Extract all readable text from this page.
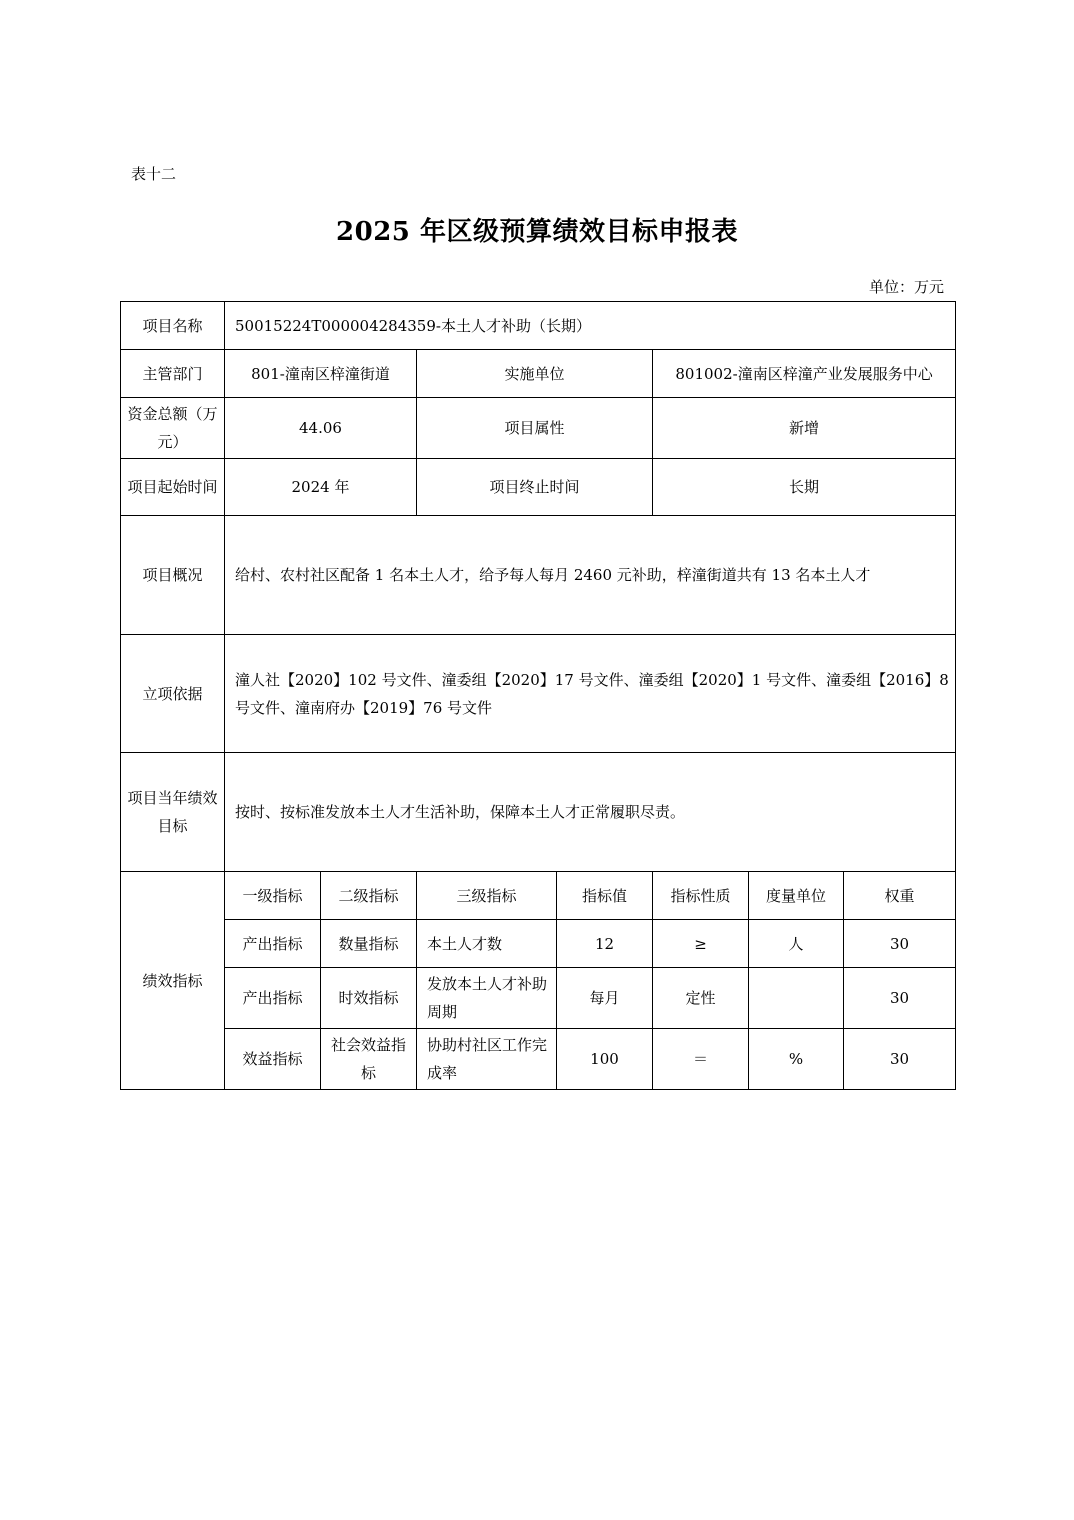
表十二
2025 年区级预算绩效目标申报表
单位：万元
项目名称	50015224T000004284359-本土人才补助（长期）						
主管部门	801-潼南区梓潼街道		实施单位		801002-潼南区梓潼产业发展服务中心		
资金总额（万元）	44.06		项目属性		新增		
项目起始时间	2024 年		项目终止时间		长期		
项目概况	给村、农村社区配备 1 名本土人才，给予每人每月 2460 元补助，梓潼街道共有 13 名本土人才						
立项依据	潼人社【2020】102 号文件、潼委组【2020】17 号文件、潼委组【2020】1 号文件、潼委组【2016】8 号文件、潼南府办【2019】76 号文件						
项目当年绩效目标	按时、按标准发放本土人才生活补助，保障本土人才正常履职尽责。						
绩效指标	一级指标	二级指标	三级指标	指标值	指标性质	度量单位	权重
	产出指标	数量指标	本土人才数	12	≥	人	30
	产出指标	时效指标	发放本土人才补助周期	每月	定性		30
	效益指标	社会效益指标	协助村社区工作完成率	100	＝	%	30
